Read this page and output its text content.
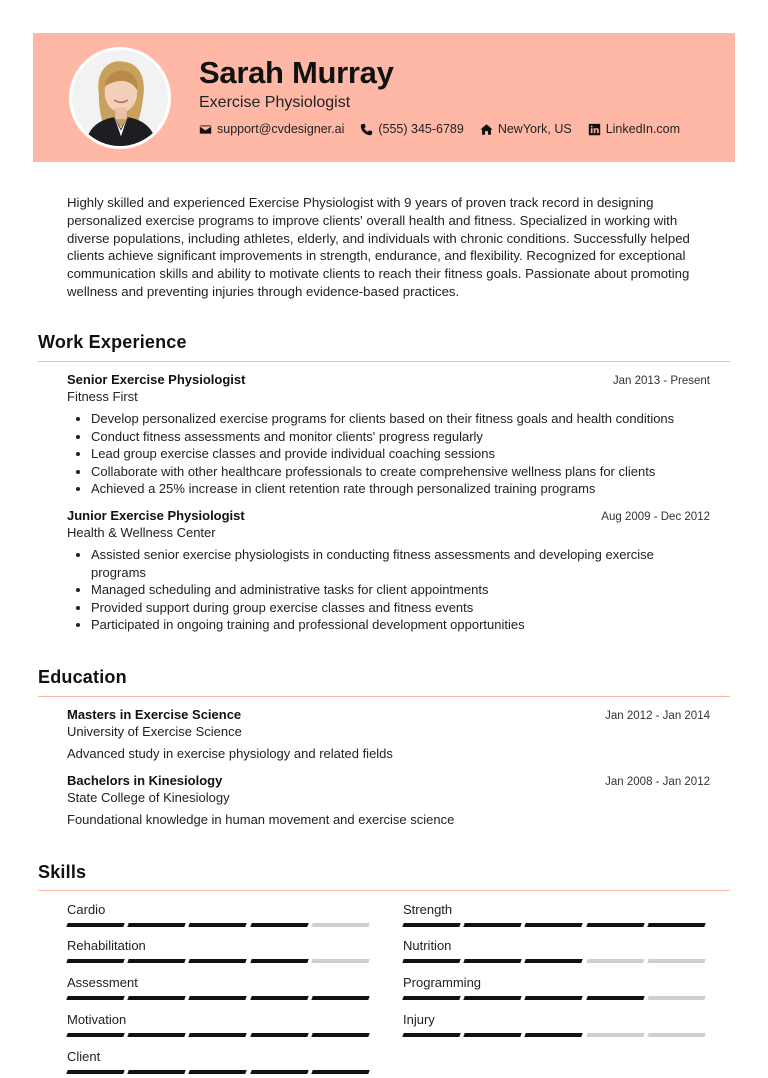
Sarah Murray
Exercise Physiologist
support@cvdesigner.ai	(555) 345-6789	NewYork, US	LinkedIn.com

Highly skilled and experienced Exercise Physiologist with 9 years of proven track record in designing personalized exercise programs to improve clients' overall health and fitness. Specialized in working with diverse populations, including athletes, elderly, and individuals with chronic conditions. Successfully helped clients achieve significant improvements in strength, endurance, and flexibility. Recognized for exceptional communication skills and ability to motivate clients to reach their fitness goals. Passionate about promoting wellness and preventing injuries through evidence-based practices.

Work Experience
Senior Exercise Physiologist	Jan 2013 - Present
Fitness First
• Develop personalized exercise programs for clients based on their fitness goals and health conditions
• Conduct fitness assessments and monitor clients' progress regularly
• Lead group exercise classes and provide individual coaching sessions
• Collaborate with other healthcare professionals to create comprehensive wellness plans for clients
• Achieved a 25% increase in client retention rate through personalized training programs
Junior Exercise Physiologist	Aug 2009 - Dec 2012
Health & Wellness Center
• Assisted senior exercise physiologists in conducting fitness assessments and developing exercise programs
• Managed scheduling and administrative tasks for client appointments
• Provided support during group exercise classes and fitness events
• Participated in ongoing training and professional development opportunities
Education
Masters in Exercise Science	Jan 2012 - Jan 2014
University of Exercise Science
Advanced study in exercise physiology and related fields
Bachelors in Kinesiology	Jan 2008 - Jan 2012
State College of Kinesiology
Foundational knowledge in human movement and exercise science
Skills
Cardio	Strength
Rehabilitation	Nutrition
Assessment	Programming
Motivation	Injury
Client
